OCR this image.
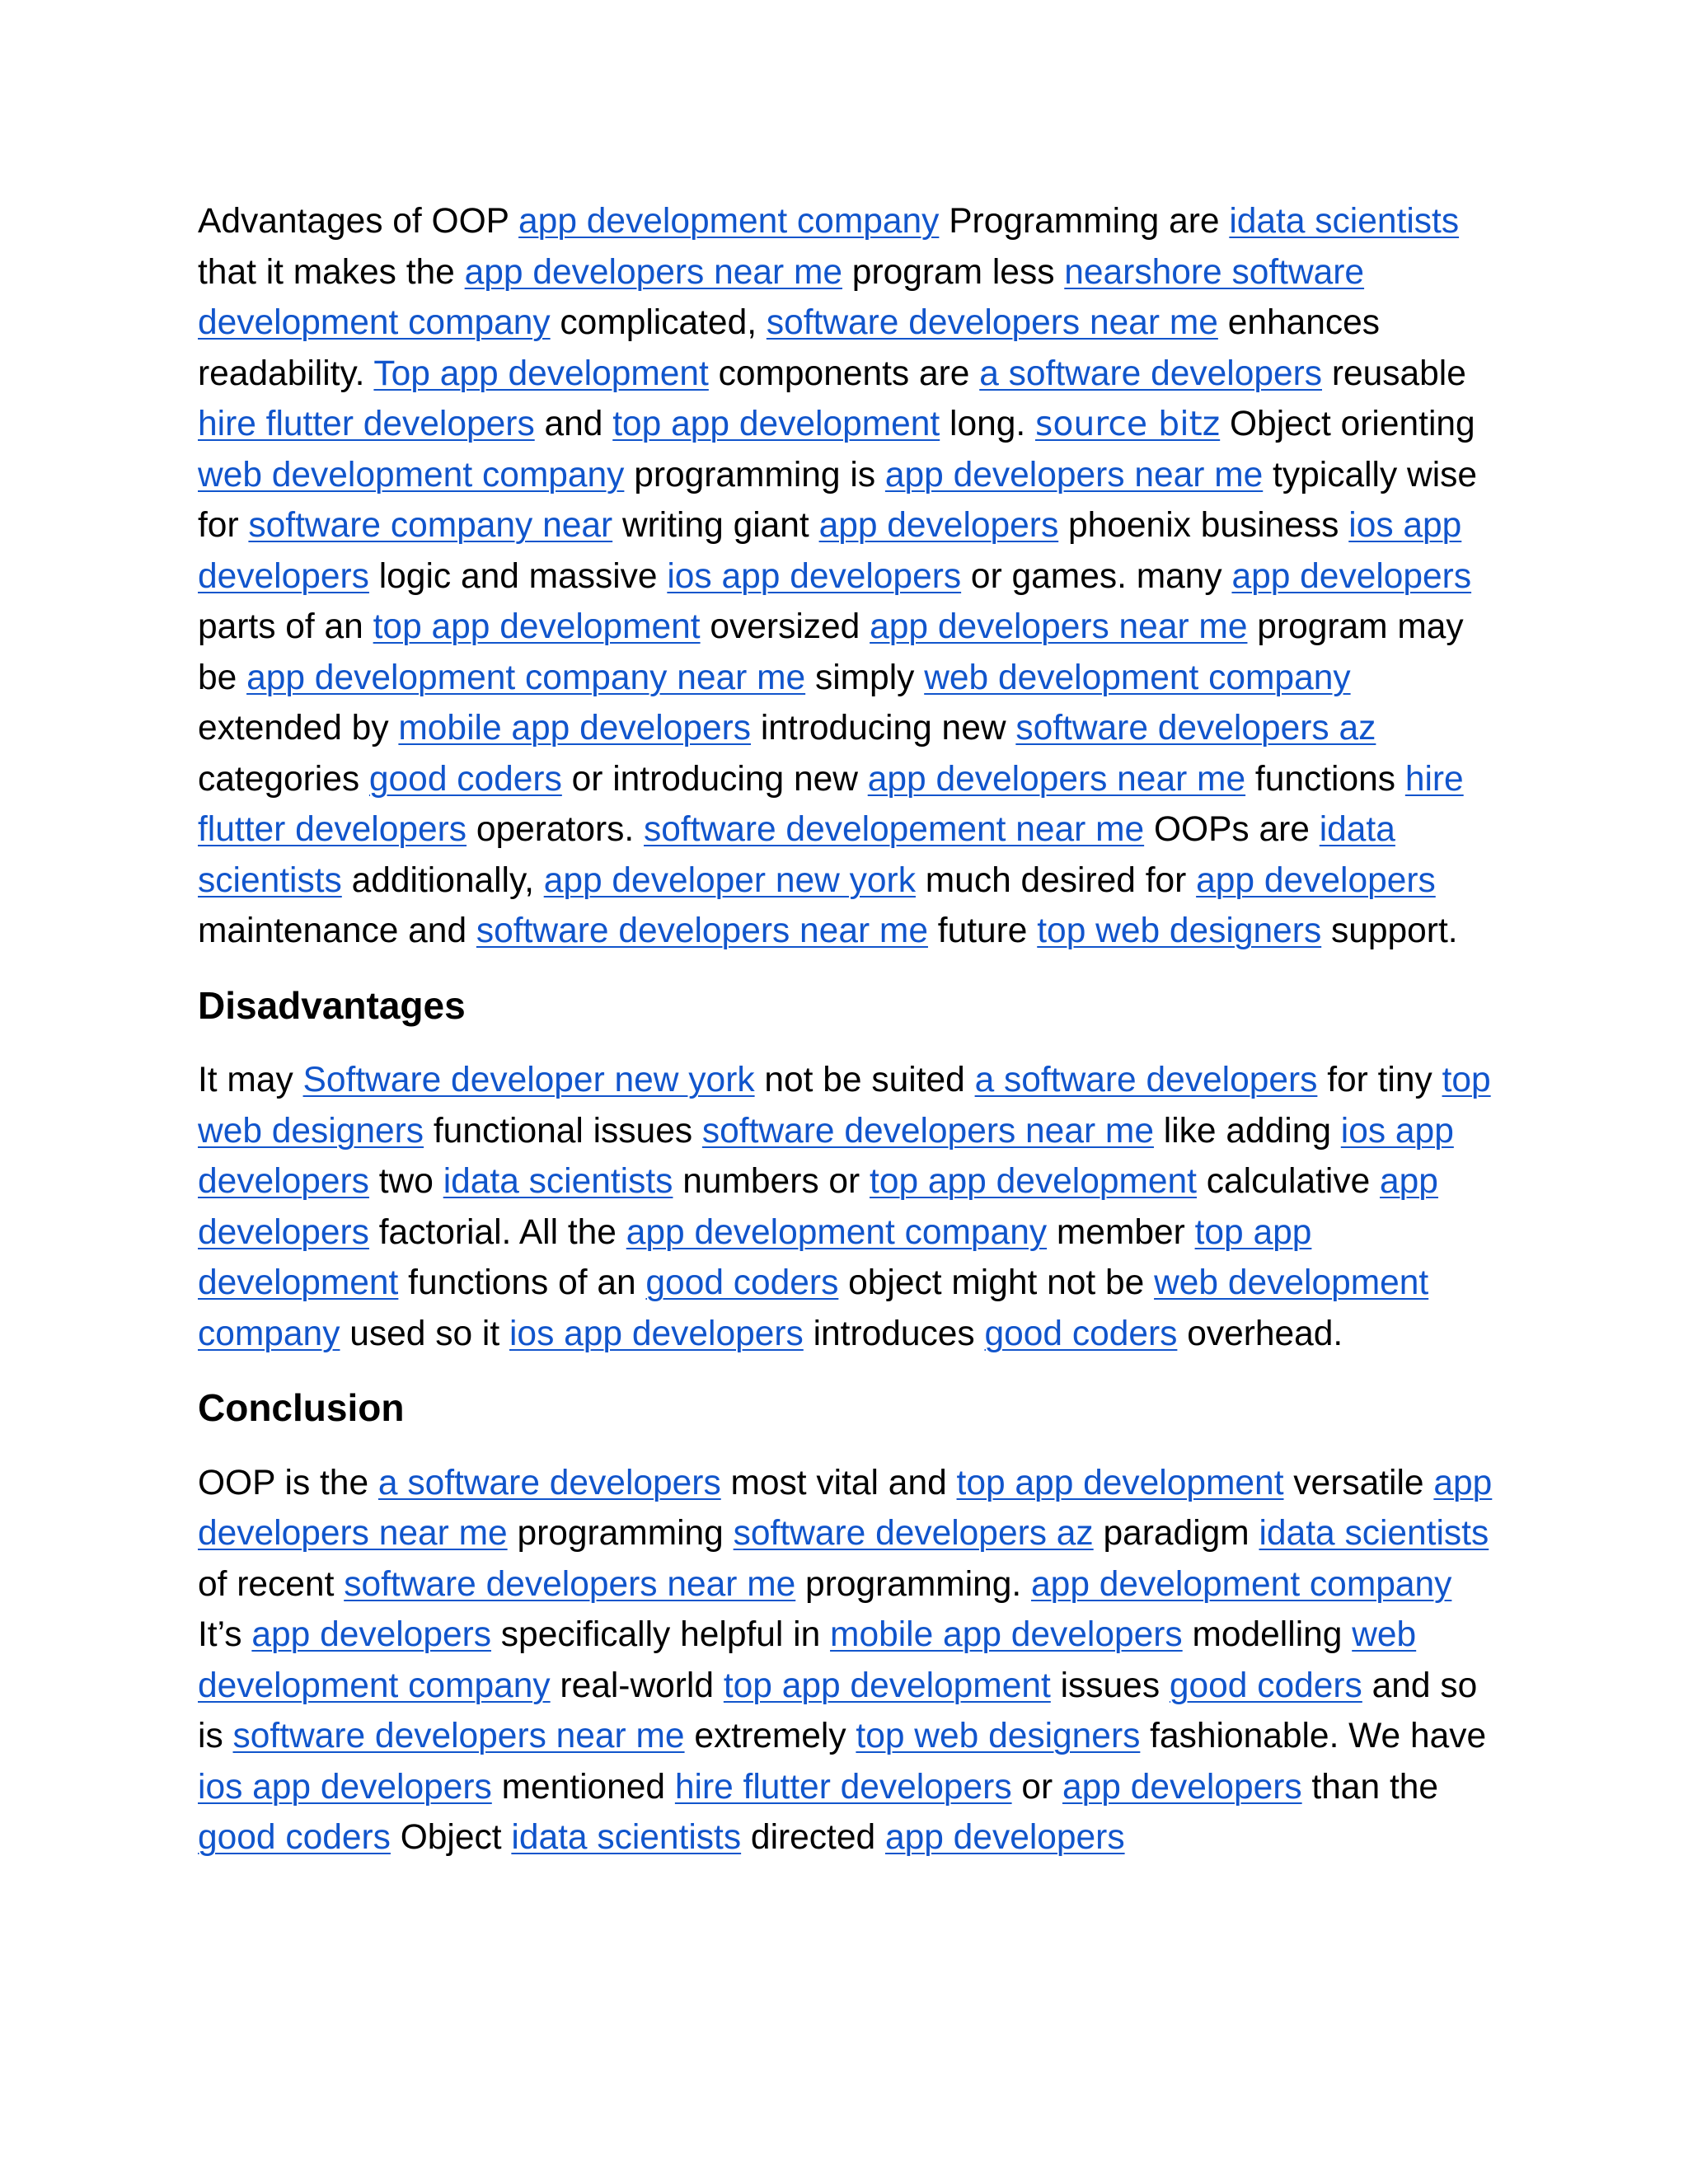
Advantages of OOP app development company Programming are idata scientists that it makes the app developers near me program less nearshore software development company complicated, software developers near me enhances readability. Top app development components are a software developers reusable hire flutter developers and top app development long. source bitz Object orienting web development company programming is app developers near me typically wise for software company near writing giant app developers phoenix business ios app developers logic and massive ios app developers or games. many app developers parts of an top app development oversized app developers near me program may be app development company near me simply web development company extended by mobile app developers introducing new software developers az categories good coders or introducing new app developers near me functions hire flutter developers operators. software developement near me OOPs are idata scientists additionally, app developer new york much desired for app developers maintenance and software developers near me future top web designers support.

Disadvantages

It may Software developer new york not be suited a software developers for tiny top web designers functional issues software developers near me like adding ios app developers two idata scientists numbers or top app development calculative app developers factorial. All the app development company member top app development functions of an good coders object might not be web development company used so it ios app developers introduces good coders overhead.

Conclusion

OOP is the a software developers most vital and top app development versatile app developers near me programming software developers az paradigm idata scientists of recent software developers near me programming. app development company It’s app developers specifically helpful in mobile app developers modelling web development company real-world top app development issues good coders and so is software developers near me extremely top web designers fashionable. We have ios app developers mentioned hire flutter developers or app developers than the good coders Object idata scientists directed app developers
